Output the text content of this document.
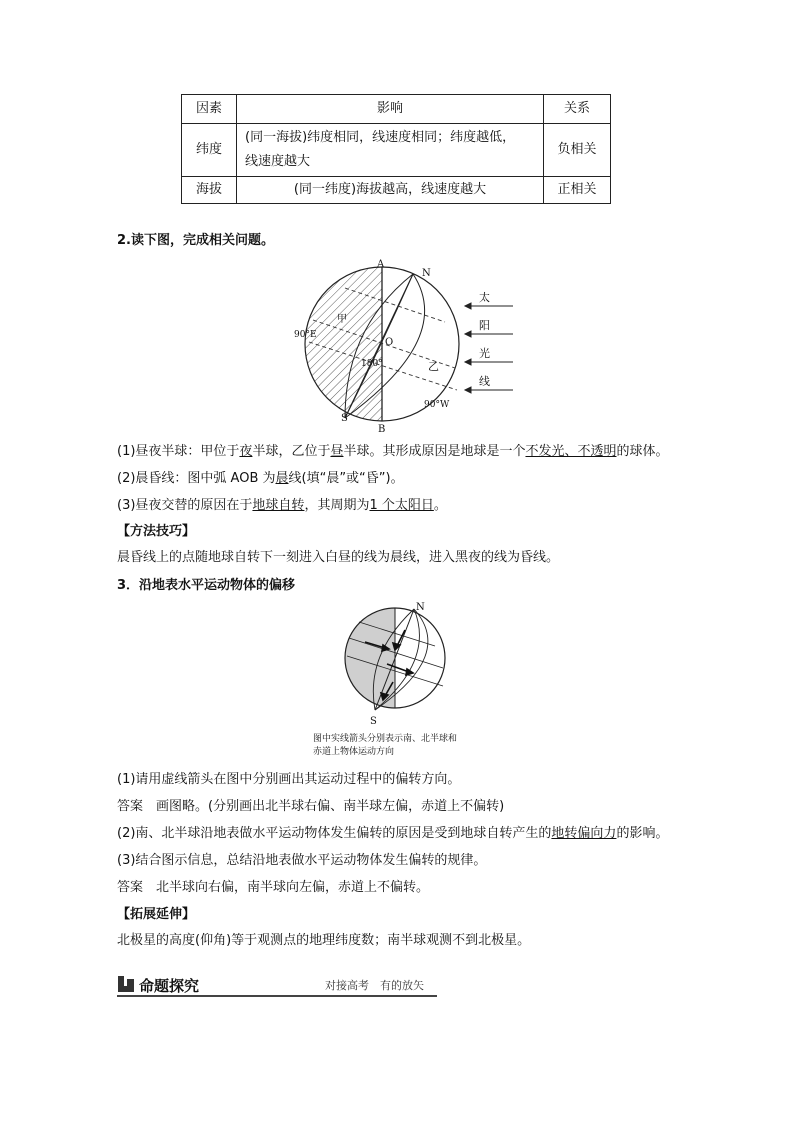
因素	影响	关系
纬度	(同一海拔)纬度相同，线速度相同；纬度越低，
线速度越大	负相关
海拔	(同一纬度)海拔越高，线速度越大	正相关
2.读下图，完成相关问题。
A
B
N
S
O
甲
乙
90°E
180°
90°W
太
阳
光
线
(1)昼夜半球：甲位于夜半球，乙位于昼半球。其形成原因是地球是一个不发光、不透明的球体。
(2)晨昏线：图中弧 AOB 为晨线(填“晨”或“昏”)。
(3)昼夜交替的原因在于地球自转，其周期为1 个太阳日。
【方法技巧】
晨昏线上的点随地球自转下一刻进入白昼的线为晨线，进入黑夜的线为昏线。
3．沿地表水平运动物体的偏移
N
S
图中实线箭头分别表示南、北半球和
赤道上物体运动方向
(1)请用虚线箭头在图中分别画出其运动过程中的偏转方向。
答案　画图略。(分别画出北半球右偏、南半球左偏，赤道上不偏转)
(2)南、北半球沿地表做水平运动物体发生偏转的原因是受到地球自转产生的地转偏向力的影响。
(3)结合图示信息，总结沿地表做水平运动物体发生偏转的规律。
答案　北半球向右偏，南半球向左偏，赤道上不偏转。
【拓展延伸】
北极星的高度(仰角)等于观测点的地理纬度数；南半球观测不到北极星。
命题探究	对接高考　有的放矢
